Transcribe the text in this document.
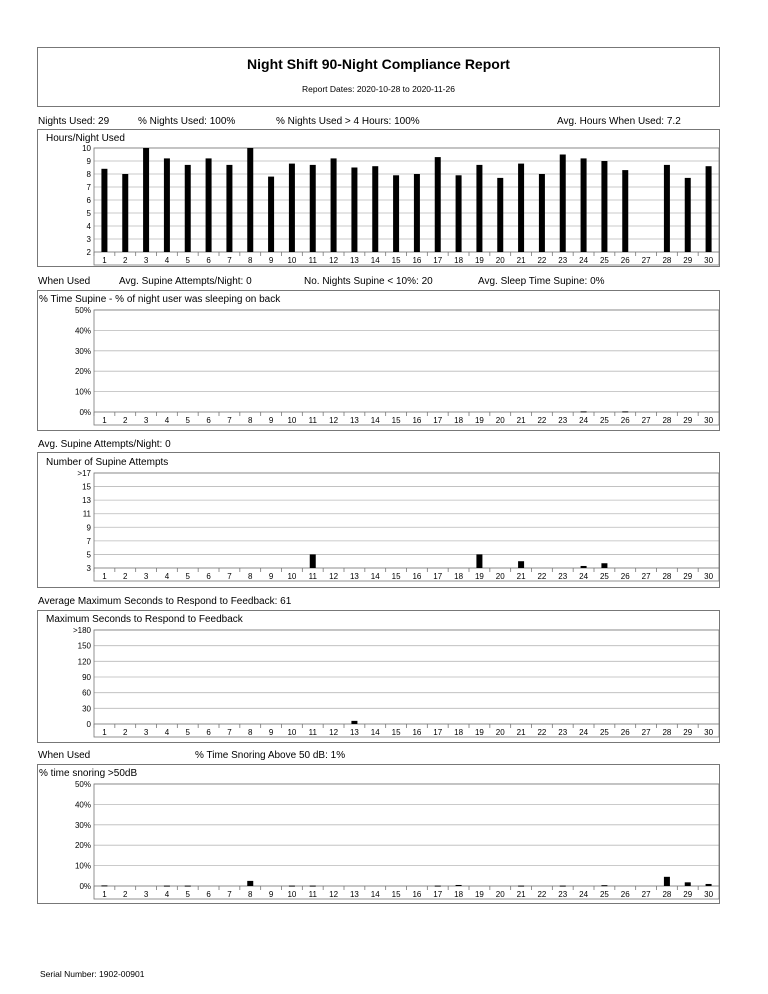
Night Shift 90-Night Compliance Report
Report Dates: 2020-10-28 to 2020-11-26
Nights Used: 29	% Nights Used: 100%	% Nights Used > 4 Hours: 100%	Avg. Hours When Used: 7.2
Hours/Night Used
When Used	Avg. Supine Attempts/Night: 0	No. Nights Supine < 10%: 20	Avg. Sleep Time Supine: 0%
% Time Supine - % of night user was sleeping on back
Avg. Supine Attempts/Night: 0
Number of Supine Attempts
Average Maximum Seconds to Respond to Feedback: 61
Maximum Seconds to Respond to Feedback
When Used	% Time Snoring Above 50 dB: 1%
% time snoring >50dB
Serial Number: 1902-00901
2
3
4
5
6
7
8
9
10
1 2 3 4 5 6 7 8 9 10 11 12 13 14 15 16 17 18 19 20 21 22 23 24 25 26 27 28 29 30
0%
10%
20%
30%
40%
50%
1 2 3 4 5 6 7 8 9 10 11 12 13 14 15 16 17 18 19 20 21 22 23 24 25 26 27 28 29 30
3
5
7
9
11
13
15
>17
1 2 3 4 5 6 7 8 9 10 11 12 13 14 15 16 17 18 19 20 21 22 23 24 25 26 27 28 29 30
0
30
60
90
120
150
>180
1 2 3 4 5 6 7 8 9 10 11 12 13 14 15 16 17 18 19 20 21 22 23 24 25 26 27 28 29 30
0%
10%
20%
30%
40%
50%
1 2 3 4 5 6 7 8 9 10 11 12 13 14 15 16 17 18 19 20 21 22 23 24 25 26 27 28 29 30
